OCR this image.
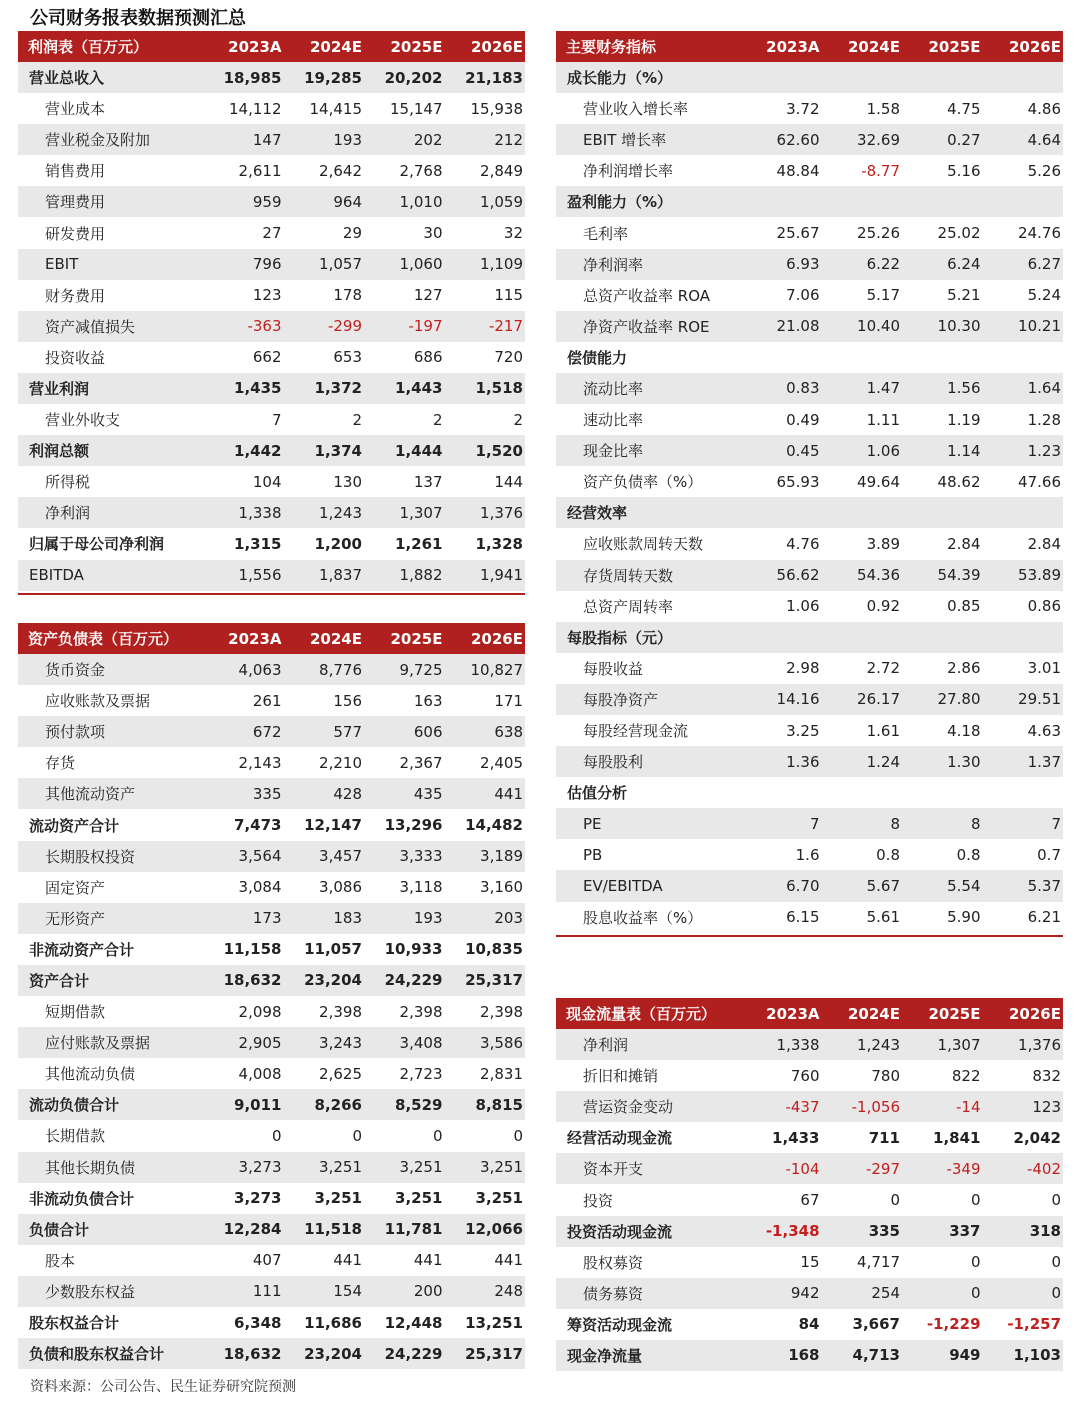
公司财务报表数据预测汇总
利润表（百万元）	2023A	2024E	2025E	2026E
营业总收入	18,985	19,285	20,202	21,183
营业成本	14,112	14,415	15,147	15,938
营业税金及附加	147	193	202	212
销售费用	2,611	2,642	2,768	2,849
管理费用	959	964	1,010	1,059
研发费用	27	29	30	32
EBIT	796	1,057	1,060	1,109
财务费用	123	178	127	115
资产减值损失	-363	-299	-197	-217
投资收益	662	653	686	720
营业利润	1,435	1,372	1,443	1,518
营业外收支	7	2	2	2
利润总额	1,442	1,374	1,444	1,520
所得税	104	130	137	144
净利润	1,338	1,243	1,307	1,376
归属于母公司净利润	1,315	1,200	1,261	1,328
EBITDA	1,556	1,837	1,882	1,941
资产负债表（百万元）	2023A	2024E	2025E	2026E
货币资金	4,063	8,776	9,725	10,827
应收账款及票据	261	156	163	171
预付款项	672	577	606	638
存货	2,143	2,210	2,367	2,405
其他流动资产	335	428	435	441
流动资产合计	7,473	12,147	13,296	14,482
长期股权投资	3,564	3,457	3,333	3,189
固定资产	3,084	3,086	3,118	3,160
无形资产	173	183	193	203
非流动资产合计	11,158	11,057	10,933	10,835
资产合计	18,632	23,204	24,229	25,317
短期借款	2,098	2,398	2,398	2,398
应付账款及票据	2,905	3,243	3,408	3,586
其他流动负债	4,008	2,625	2,723	2,831
流动负债合计	9,011	8,266	8,529	8,815
长期借款	0	0	0	0
其他长期负债	3,273	3,251	3,251	3,251
非流动负债合计	3,273	3,251	3,251	3,251
负债合计	12,284	11,518	11,781	12,066
股本	407	441	441	441
少数股东权益	111	154	200	248
股东权益合计	6,348	11,686	12,448	13,251
负债和股东权益合计	18,632	23,204	24,229	25,317
主要财务指标	2023A	2024E	2025E	2026E
成长能力（%）
营业收入增长率	3.72	1.58	4.75	4.86
EBIT 增长率	62.60	32.69	0.27	4.64
净利润增长率	48.84	-8.77	5.16	5.26
盈利能力（%）
毛利率	25.67	25.26	25.02	24.76
净利润率	6.93	6.22	6.24	6.27
总资产收益率 ROA	7.06	5.17	5.21	5.24
净资产收益率 ROE	21.08	10.40	10.30	10.21
偿债能力
流动比率	0.83	1.47	1.56	1.64
速动比率	0.49	1.11	1.19	1.28
现金比率	0.45	1.06	1.14	1.23
资产负债率（%）	65.93	49.64	48.62	47.66
经营效率
应收账款周转天数	4.76	3.89	2.84	2.84
存货周转天数	56.62	54.36	54.39	53.89
总资产周转率	1.06	0.92	0.85	0.86
每股指标（元）
每股收益	2.98	2.72	2.86	3.01
每股净资产	14.16	26.17	27.80	29.51
每股经营现金流	3.25	1.61	4.18	4.63
每股股利	1.36	1.24	1.30	1.37
估值分析
PE	7	8	8	7
PB	1.6	0.8	0.8	0.7
EV/EBITDA	6.70	5.67	5.54	5.37
股息收益率（%）	6.15	5.61	5.90	6.21
现金流量表（百万元）	2023A	2024E	2025E	2026E
净利润	1,338	1,243	1,307	1,376
折旧和摊销	760	780	822	832
营运资金变动	-437	-1,056	-14	123
经营活动现金流	1,433	711	1,841	2,042
资本开支	-104	-297	-349	-402
投资	67	0	0	0
投资活动现金流	-1,348	335	337	318
股权募资	15	4,717	0	0
债务募资	942	254	0	0
筹资活动现金流	84	3,667	-1,229	-1,257
现金净流量	168	4,713	949	1,103
资料来源：公司公告、民生证券研究院预测
